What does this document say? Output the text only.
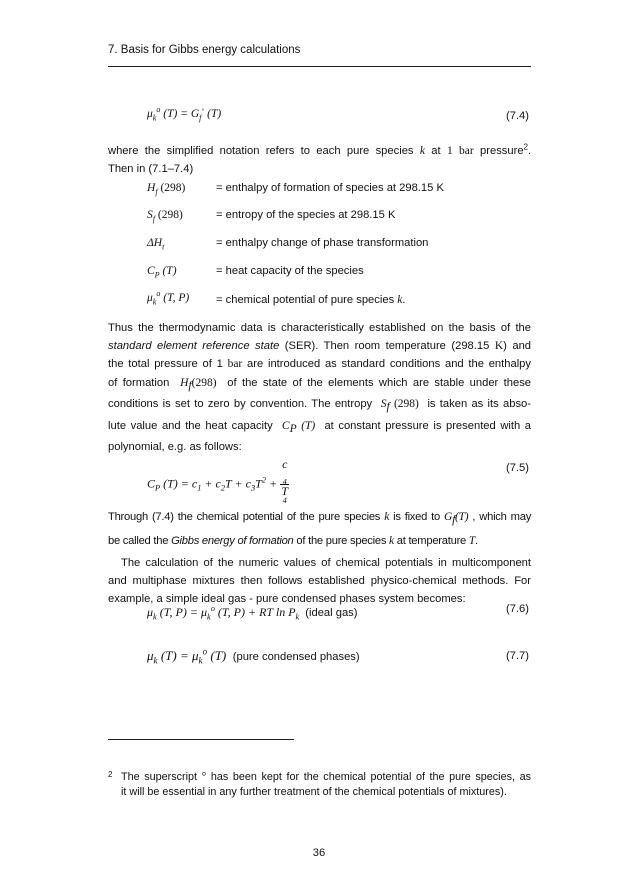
7. Basis for Gibbs energy calculations
$\mu_k^o$ $(T) = G_f^◦$ (T)	(7.4)

where the simplified notation refers to each pure species k at 1 bar pressure$^2$.

Then in (7.1–7.4)

$H_f$ (298)	= enthalpy of formation of species at 298.15 K
$S_f$ (298)	= entropy of the species at 298.15 K
$\Delta H_t$	= enthalpy change of phase transformation
$C_P$ (T)	= heat capacity of the species
$\mu_k^o$ (T, P) = chemical potential of pure species k.

Thus the thermodynamic data is characteristically established on the basis of the

standard element reference state (SER). Then room temperature (298.15 K) and

the total pressure of 1 bar are introduced as standard conditions and the enthalpy

of formation $H_f(298)$ of the state of the elements which are stable under these

conditions is set to zero by convention. The entropy $S_f$ (298) is taken as its abso-

lute value and the heat capacity $C_P$ (T) at constant pressure is presented with a

polynomial, e.g. as follows:

$C_P$ $(T) = c_1 + c_2T + c_3T^2 + c$
$_4$
T
$^4$	(7.5)

Through (7.4) the chemical potential of the pure species k is fixed to $G_f(T)$ , which may

be called the Gibbs energy of formation of the pure species k at temperature T.

The calculation of the numeric values of chemical potentials in multicomponent

and multiphase mixtures then follows established physico-chemical methods. For

example, a simple ideal gas - pure condensed phases system becomes:

$\mu_k$ (T, $P) = \mu_k^o$ (T, P) + RT $\ln P_k$ (ideal gas)	(7.6)
$\mu_k$ $(T) = \mu_k^o$ (T) (pure condensed phases)	(7.7)
2 The superscript ° has been kept for the chemical potential of the pure species, as
it will be essential in any further treatment of the chemical potentials of mixtures).
36
